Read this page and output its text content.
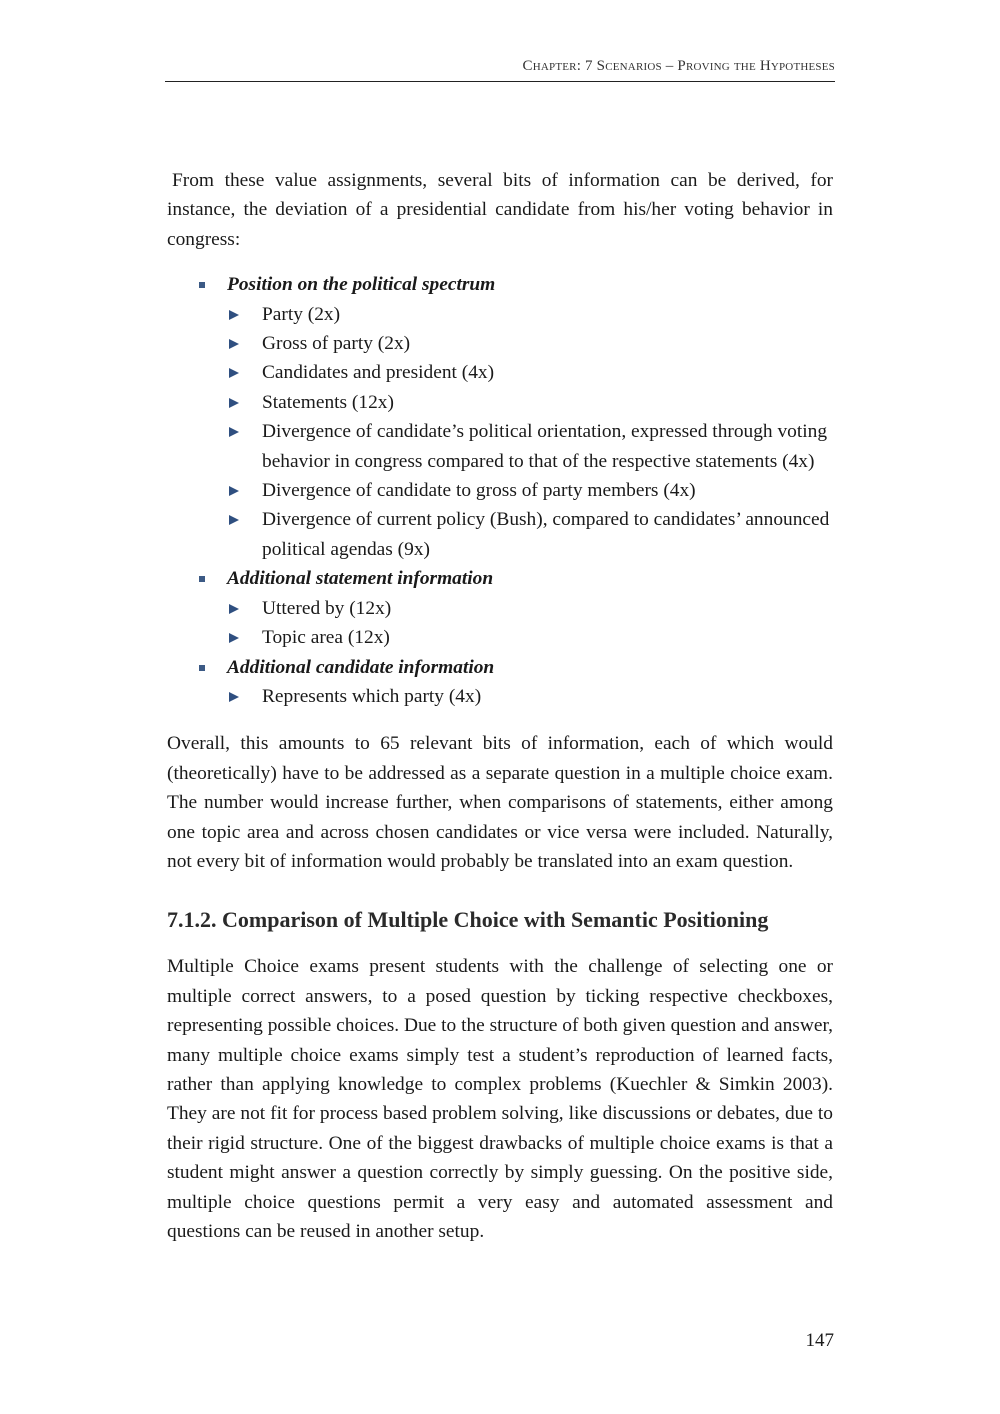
Chapter: 7 Scenarios – Proving the Hypotheses

From these value assignments, several bits of information can be derived, for instance, the deviation of a presidential candidate from his/her voting behavior in congress:

Position on the political spectrum
Party (2x)
Gross of party (2x)
Candidates and president (4x)
Statements (12x)
Divergence of candidate’s political orientation, expressed through voting behavior in congress compared to that of the respective statements (4x)
Divergence of candidate to gross of party members (4x)
Divergence of current policy (Bush), compared to candidates’ announced political agendas (9x)
Additional statement information
Uttered by (12x)
Topic area (12x)
Additional candidate information
Represents which party (4x)

Overall, this amounts to 65 relevant bits of information, each of which would (theoretically) have to be addressed as a separate question in a multiple choice exam. The number would increase further, when comparisons of statements, either among one topic area and across chosen candidates or vice versa were included. Naturally, not every bit of information would probably be translated into an exam question.

7.1.2. Comparison of Multiple Choice with Semantic Positioning

Multiple Choice exams present students with the challenge of selecting one or multiple correct answers, to a posed question by ticking respective checkboxes, representing possible choices. Due to the structure of both given question and answer, many multiple choice exams simply test a student’s reproduction of learned facts, rather than applying knowledge to complex problems (Kuechler & Simkin 2003). They are not fit for process based problem solving, like discussions or debates, due to their rigid structure. One of the biggest drawbacks of multiple choice exams is that a student might answer a question correctly by simply guessing. On the positive side, multiple choice questions permit a very easy and automated assessment and questions can be reused in another setup.

147
